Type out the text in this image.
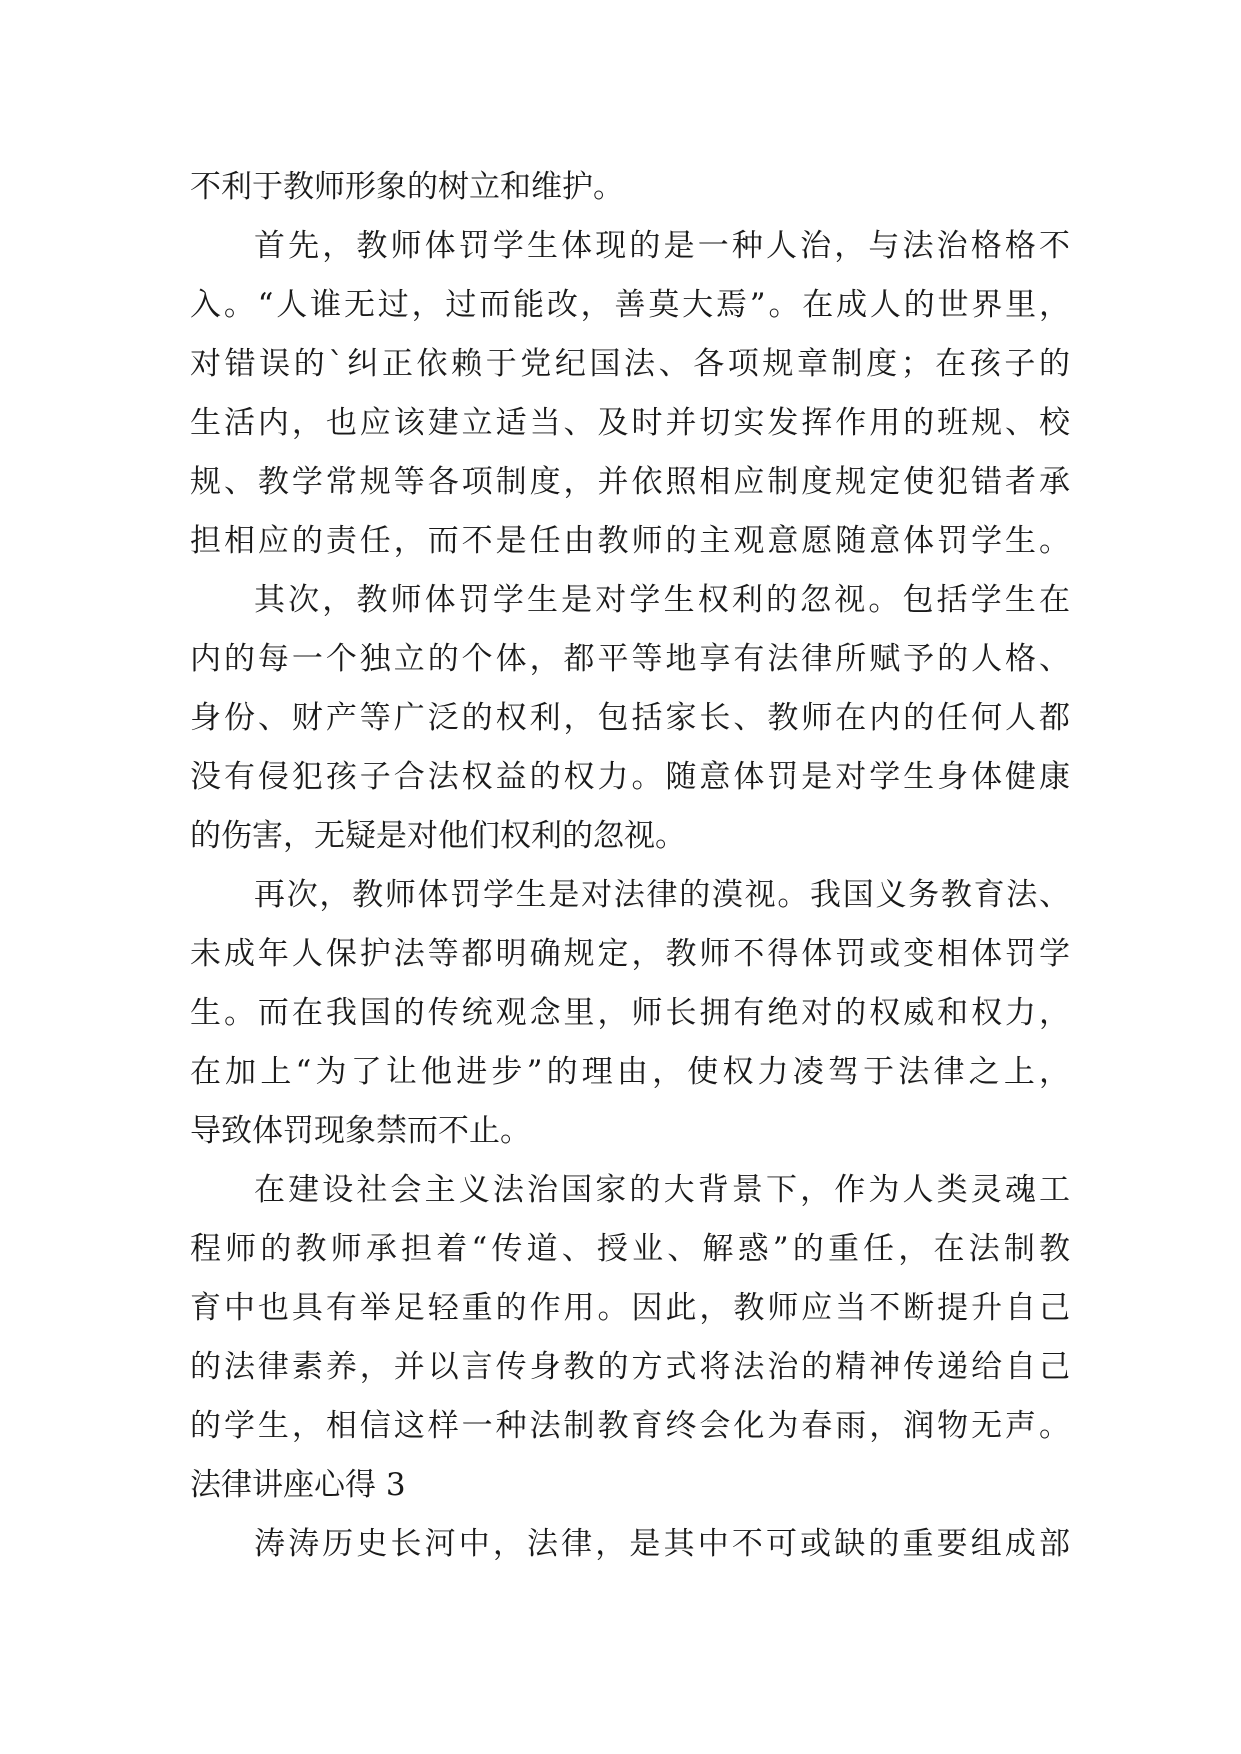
不利于教师形象的树立和维护。
首先，教师体罚学生体现的是一种人治，与法治格格不
入。“人谁无过，过而能改，善莫大焉”。在成人的世界里，
对错误的`纠正依赖于党纪国法、各项规章制度；在孩子的
生活内，也应该建立适当、及时并切实发挥作用的班规、校
规、教学常规等各项制度，并依照相应制度规定使犯错者承
担相应的责任，而不是任由教师的主观意愿随意体罚学生。
其次，教师体罚学生是对学生权利的忽视。包括学生在
内的每一个独立的个体，都平等地享有法律所赋予的人格、
身份、财产等广泛的权利，包括家长、教师在内的任何人都
没有侵犯孩子合法权益的权力。随意体罚是对学生身体健康
的伤害，无疑是对他们权利的忽视。
再次，教师体罚学生是对法律的漠视。我国义务教育法、
未成年人保护法等都明确规定，教师不得体罚或变相体罚学
生。而在我国的传统观念里，师长拥有绝对的权威和权力，
在加上“为了让他进步”的理由，使权力凌驾于法律之上，
导致体罚现象禁而不止。
在建设社会主义法治国家的大背景下，作为人类灵魂工
程师的教师承担着“传道、授业、解惑”的重任，在法制教
育中也具有举足轻重的作用。因此，教师应当不断提升自己
的法律素养，并以言传身教的方式将法治的精神传递给自己
的学生，相信这样一种法制教育终会化为春雨，润物无声。
法律讲座心得 3
涛涛历史长河中，法律，是其中不可或缺的重要组成部
